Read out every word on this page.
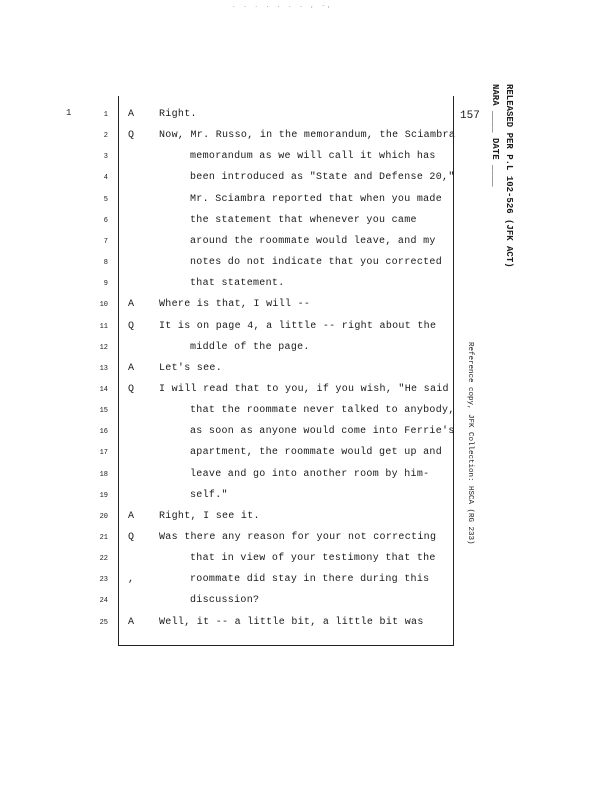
. . . . . . . , -,
1	157
1 A Right.
2 Q Now, Mr. Russo, in the memorandum, the Sciambra
3	memorandum as we will call it which has
4	been introduced as "State and Defense 20,"
5	Mr. Sciambra reported that when you made
6	the statement that whenever you came
7	around the roommate would leave, and my
8	notes do not indicate that you corrected
9	that statement.
10 A Where is that, I will --
11 Q It is on page 4, a little -- right about the
12	middle of the page.
13 A Let's see.
14 Q I will read that to you, if you wish, "He said
15	that the roommate never talked to anybody,
16	as soon as anyone would come into Ferrie's
17	apartment, the roommate would get up and
18	leave and go into another room by him-
19	self."
20 A Right, I see it.
21 Q Was there any reason for your not correcting
22	that in view of your testimony that the
23 ,	roommate did stay in there during this
24	discussion?
25 A Well, it -- a little bit, a little bit was
RELEASED PER P.L 102-526 (JFK ACT)
NARA ____ DATE ____
Reference copy, JFK Collection: HSCA (RG 233)
